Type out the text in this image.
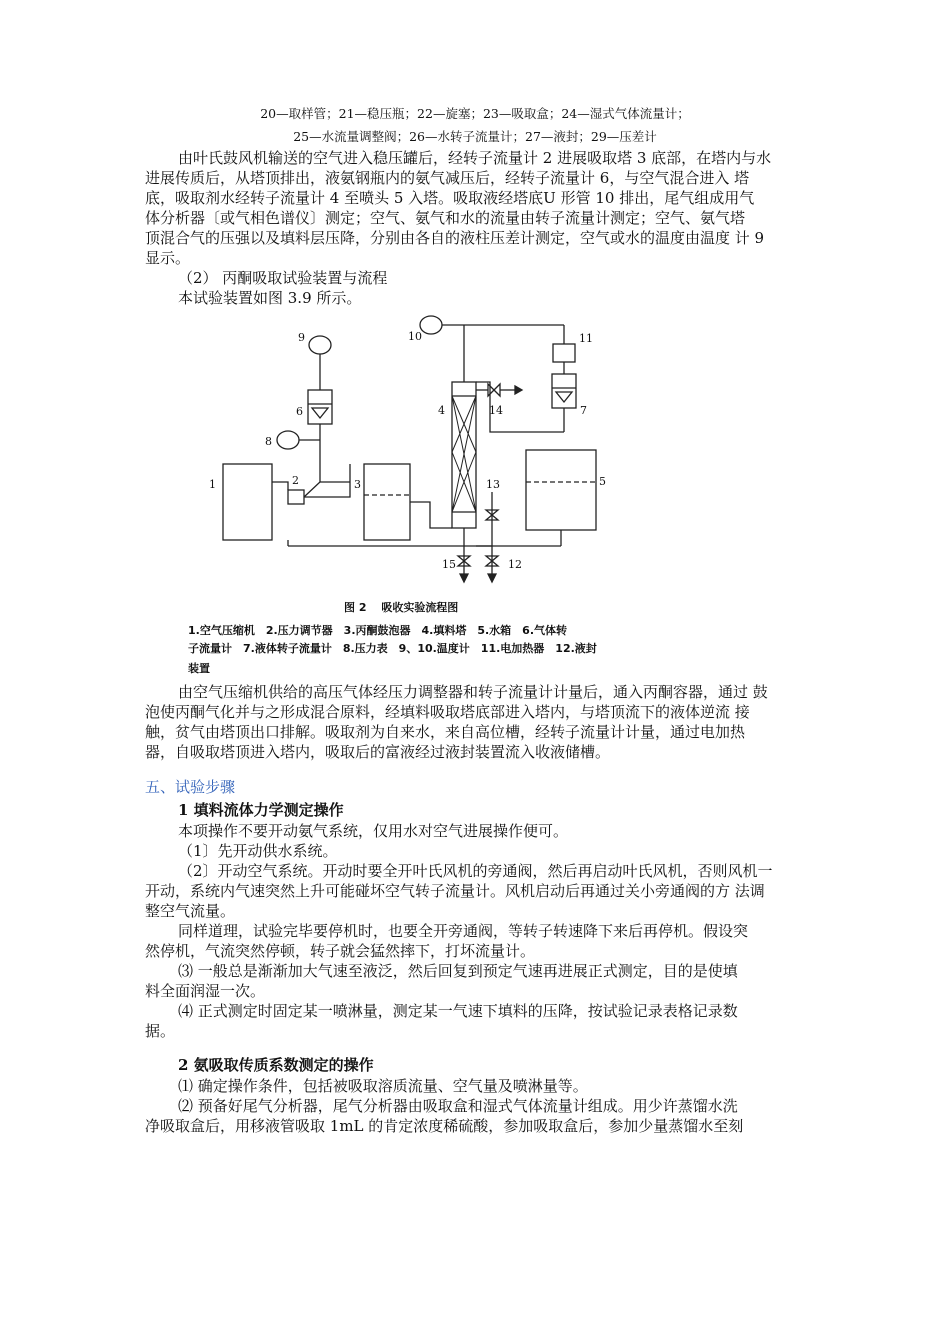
20—取样管；21—稳压瓶；22—旋塞；23—吸取盒；24—湿式气体流量计；
25—水流量调整阀；26—水转子流量计；27—液封；29—压差计
由叶氏鼓风机输送的空气进入稳压罐后，经转子流量计 2 进展吸取塔 3 底部，在塔内与水
进展传质后，从塔顶排出，液氨钢瓶内的氨气减压后，经转子流量计 6，与空气混合进入 塔
底，吸取剂水经转子流量计 4 至喷头 5 入塔。吸取液经塔底U 形管 10 排出，尾气组成用气
体分析器〔或气相色谱仪〕测定；空气、氨气和水的流量由转子流量计测定；空气、氨气塔
顶混合气的压强以及填料层压降，分别由各自的液柱压差计测定，空气或水的温度由温度 计 9
显示。
（2） 丙酮吸取试验装置与流程
本试验装置如图 3.9 所示。
1	2	3
4
5
6	7
8
9	10	11
12
13
14
15
图 2　 吸收实验流程图
1.空气压缩机　2.压力调节器　3.丙酮鼓泡器　4.填料塔　5.水箱　6.气体转
子流量计　7.液体转子流量计　8.压力表　9、10.温度计　11.电加热器　12.液封
装置
由空气压缩机供给的高压气体经压力调整器和转子流量计计量后，通入丙酮容器，通过 鼓
泡使丙酮气化并与之形成混合原料，经填料吸取塔底部进入塔内，与塔顶流下的液体逆流 接
触，贫气由塔顶出口排解。吸取剂为自来水，来自高位槽，经转子流量计计量，通过电加热
器，自吸取塔顶进入塔内，吸取后的富液经过液封装置流入收液储槽。
五、试验步骤
1 填料流体力学测定操作
本项操作不要开动氨气系统，仅用水对空气进展操作便可。
（1〕先开动供水系统。
（2〕开动空气系统。开动时要全开叶氏风机的旁通阀，然后再启动叶氏风机，否则风机一
开动，系统内气速突然上升可能碰坏空气转子流量计。风机启动后再通过关小旁通阀的方 法调
整空气流量。
同样道理，试验完毕要停机时，也要全开旁通阀，等转子转速降下来后再停机。假设突
然停机，气流突然停顿，转子就会猛然摔下，打坏流量计。
⑶ 一般总是渐渐加大气速至液泛，然后回复到预定气速再进展正式测定，目的是使填
料全面润湿一次。
⑷ 正式测定时固定某一喷淋量，测定某一气速下填料的压降，按试验记录表格记录数
据。
2 氨吸取传质系数测定的操作
⑴ 确定操作条件，包括被吸取溶质流量、空气量及喷淋量等。
⑵ 预备好尾气分析器，尾气分析器由吸取盒和湿式气体流量计组成。用少许蒸馏水洗
净吸取盒后，用移液管吸取 1mL 的肯定浓度稀硫酸，参加吸取盒后，参加少量蒸馏水至刻
